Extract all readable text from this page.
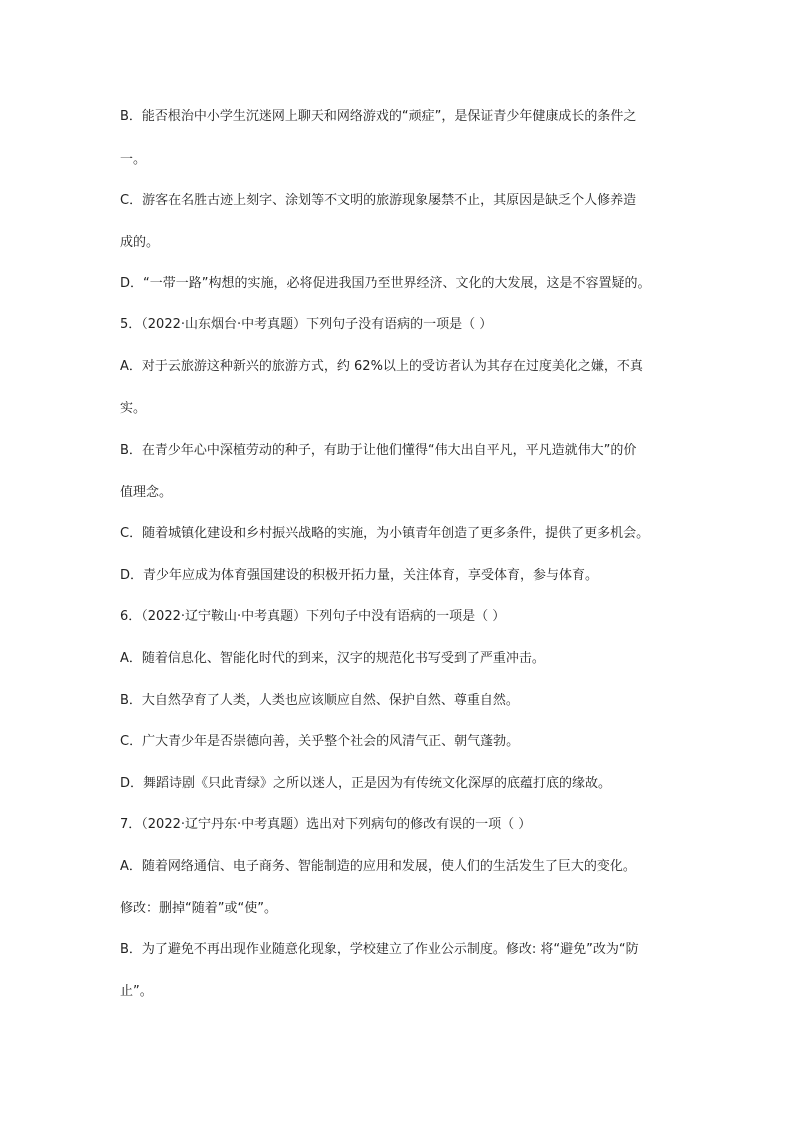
B．能否根治中小学生沉迷网上聊天和网络游戏的“顽症”，是保证青少年健康成长的条件之
一。
C．游客在名胜古迹上刻字、涂划等不文明的旅游现象屡禁不止，其原因是缺乏个人修养造
成的。
D．“一带一路”构想的实施，必将促进我国乃至世界经济、文化的大发展，这是不容置疑的。
5．（2022·山东烟台·中考真题）下列句子没有语病的一项是（ ）
A．对于云旅游这种新兴的旅游方式，约 62%以上的受访者认为其存在过度美化之嫌，不真
实。
B．在青少年心中深植劳动的种子，有助于让他们懂得“伟大出自平凡，平凡造就伟大”的价
值理念。
C．随着城镇化建设和乡村振兴战略的实施，为小镇青年创造了更多条件，提供了更多机会。
D．青少年应成为体育强国建设的积极开拓力量，关注体育，享受体育，参与体育。
6．（2022·辽宁鞍山·中考真题）下列句子中没有语病的一项是（ ）
A．随着信息化、智能化时代的到来，汉字的规范化书写受到了严重冲击。
B．大自然孕育了人类，人类也应该顺应自然、保护自然、尊重自然。
C．广大青少年是否崇德向善，关乎整个社会的风清气正、朝气蓬勃。
D．舞蹈诗剧《只此青绿》之所以迷人，正是因为有传统文化深厚的底蕴打底的缘故。
7．（2022·辽宁丹东·中考真题）选出对下列病句的修改有误的一项（ ）
A．随着网络通信、电子商务、智能制造的应用和发展，使人们的生活发生了巨大的变化。
修改：删掉“随着”或“使”。
B．为了避免不再出现作业随意化现象，学校建立了作业公示制度。修改: 将“避免”改为“防
止”。
